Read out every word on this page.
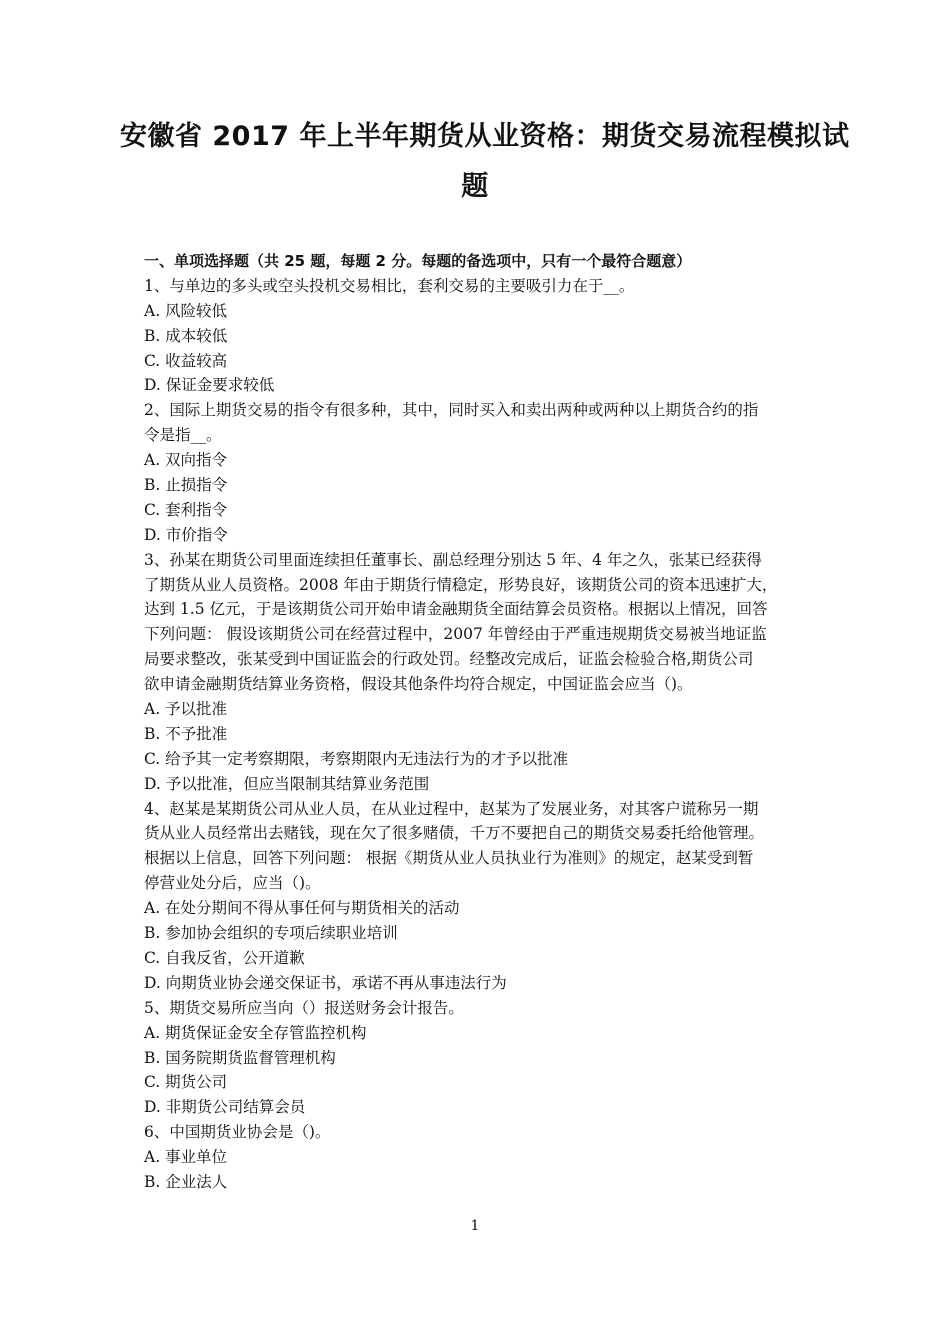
安徽省 2017 年上半年期货从业资格：期货交易流程模拟试
题
一、单项选择题（共 25 题，每题 2 分。每题的备选项中，只有一个最符合题意）
1、与单边的多头或空头投机交易相比，套利交易的主要吸引力在于__。
A. 风险较低
B. 成本较低
C. 收益较高
D. 保证金要求较低
2、国际上期货交易的指令有很多种，其中，同时买入和卖出两种或两种以上期货合约的指
令是指__。
A. 双向指令
B. 止损指令
C. 套利指令
D. 市价指令
3、孙某在期货公司里面连续担任董事长、副总经理分别达 5 年、4 年之久，张某已经获得
了期货从业人员资格。2008 年由于期货行情稳定，形势良好，该期货公司的资本迅速扩大，
达到 1.5 亿元，于是该期货公司开始申请金融期货全面结算会员资格。根据以上情况，回答
下列问题： 假设该期货公司在经营过程中，2007 年曾经由于严重违规期货交易被当地证监
局要求整改，张某受到中国证监会的行政处罚。经整改完成后，证监会检验合格,期货公司
欲申请金融期货结算业务资格，假设其他条件均符合规定，中国证监会应当（)。
A. 予以批准
B. 不予批准
C. 给予其一定考察期限，考察期限内无违法行为的才予以批准
D. 予以批准，但应当限制其结算业务范围
4、赵某是某期货公司从业人员，在从业过程中，赵某为了发展业务，对其客户谎称另一期
货从业人员经常出去赌钱，现在欠了很多赌债，千万不要把自己的期货交易委托给他管理。
根据以上信息，回答下列问题： 根据《期货从业人员执业行为准则》的规定，赵某受到暂
停营业处分后，应当（)。
A. 在处分期间不得从事任何与期货相关的活动
B. 参加协会组织的专项后续职业培训
C. 自我反省，公开道歉
D. 向期货业协会递交保证书，承诺不再从事违法行为
5、期货交易所应当向（）报送财务会计报告。
A. 期货保证金安全存管监控机构
B. 国务院期货监督管理机构
C. 期货公司
D. 非期货公司结算会员
6、中国期货业协会是（)。
A. 事业单位
B. 企业法人
1
